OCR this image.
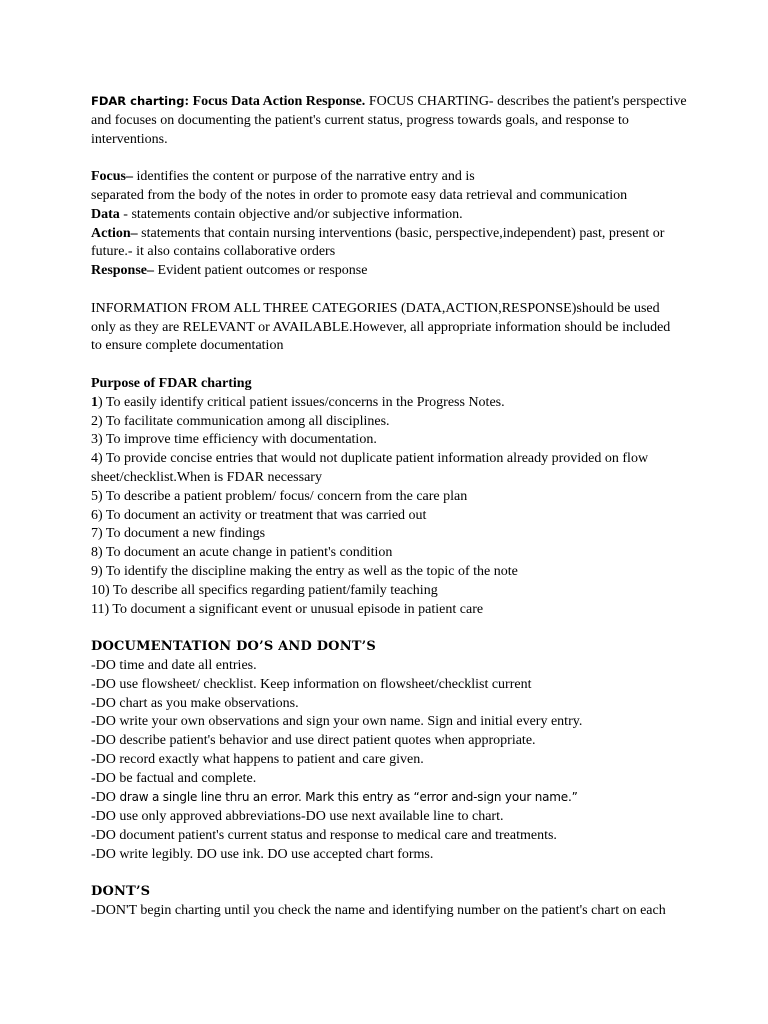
FDAR charting: Focus Data Action Response. FOCUS CHARTING- describes the patient's perspective
and focuses on documenting the patient's current status, progress towards goals, and response to
interventions.
Focus– identifies the content or purpose of the narrative entry and is
separated from the body of the notes in order to promote easy data retrieval and communication
Data - statements contain objective and/or subjective information.
Action– statements that contain nursing interventions (basic, perspective,independent) past, present or
future.- it also contains collaborative orders
Response– Evident patient outcomes or response
INFORMATION FROM ALL THREE CATEGORIES (DATA,ACTION,RESPONSE)should be used
only as they are RELEVANT or AVAILABLE.However, all appropriate information should be included
to ensure complete documentation
Purpose of FDAR charting
1) To easily identify critical patient issues/concerns in the Progress Notes.
2) To facilitate communication among all disciplines.
3) To improve time efficiency with documentation.
4) To provide concise entries that would not duplicate patient information already provided on flow
sheet/checklist.When is FDAR necessary
5) To describe a patient problem/ focus/ concern from the care plan
6) To document an activity or treatment that was carried out
7) To document a new findings
8) To document an acute change in patient's condition
9) To identify the discipline making the entry as well as the topic of the note
10) To describe all specifics regarding patient/family teaching
11) To document a significant event or unusual episode in patient care
DOCUMENTATION DO’S AND DONT’S
-DO time and date all entries.
-DO use flowsheet/ checklist. Keep information on flowsheet/checklist current
-DO chart as you make observations.
-DO write your own observations and sign your own name. Sign and initial every entry.
-DO describe patient's behavior and use direct patient quotes when appropriate.
-DO record exactly what happens to patient and care given.
-DO be factual and complete.
-DO draw a single line thru an error. Mark this entry as “error and-sign your name.”
-DO use only approved abbreviations-DO use next available line to chart.
-DO document patient's current status and response to medical care and treatments.
-DO write legibly. DO use ink. DO use accepted chart forms.
DONT’S
-DON'T begin charting until you check the name and identifying number on the patient's chart on each
